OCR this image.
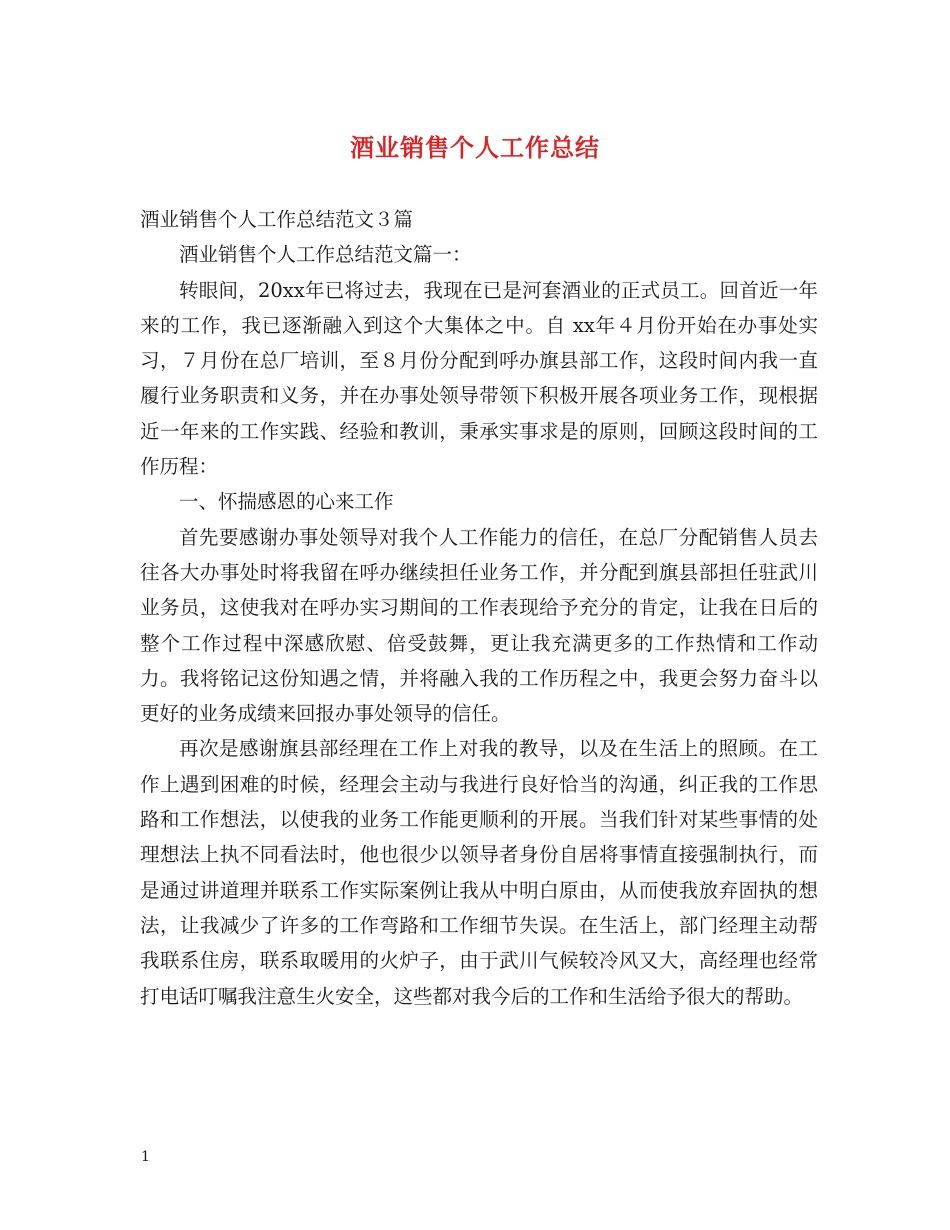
酒业销售个人工作总结

酒业销售个人工作总结范文３篇

酒业销售个人工作总结范文篇一：

转眼间，20xx年已将过去，我现在已是河套酒业的正式员工。回首近一年来的工作，我已逐渐融入到这个大集体之中。自 xx年４月份开始在办事处实习，７月份在总厂培训，至８月份分配到呼办旗县部工作，这段时间内我一直履行业务职责和义务，并在办事处领导带领下积极开展各项业务工作，现根据近一年来的工作实践、经验和教训，秉承实事求是的原则，回顾这段时间的工作历程：

一、怀揣感恩的心来工作

首先要感谢办事处领导对我个人工作能力的信任，在总厂分配销售人员去往各大办事处时将我留在呼办继续担任业务工作，并分配到旗县部担任驻武川业务员，这使我对在呼办实习期间的工作表现给予充分的肯定，让我在日后的整个工作过程中深感欣慰、倍受鼓舞，更让我充满更多的工作热情和工作动力。我将铭记这份知遇之情，并将融入我的工作历程之中，我更会努力奋斗以更好的业务成绩来回报办事处领导的信任。

再次是感谢旗县部经理在工作上对我的教导，以及在生活上的照顾。在工作上遇到困难的时候，经理会主动与我进行良好恰当的沟通，纠正我的工作思路和工作想法，以使我的业务工作能更顺利的开展。当我们针对某些事情的处理想法上执不同看法时，他也很少以领导者身份自居将事情直接强制执行，而是通过讲道理并联系工作实际案例让我从中明白原由，从而使我放弃固执的想法，让我减少了许多的工作弯路和工作细节失误。在生活上，部门经理主动帮我联系住房，联系取暖用的火炉子，由于武川气候较冷风又大，高经理也经常打电话叮嘱我注意生火安全，这些都对我今后的工作和生活给予很大的帮助。

1
